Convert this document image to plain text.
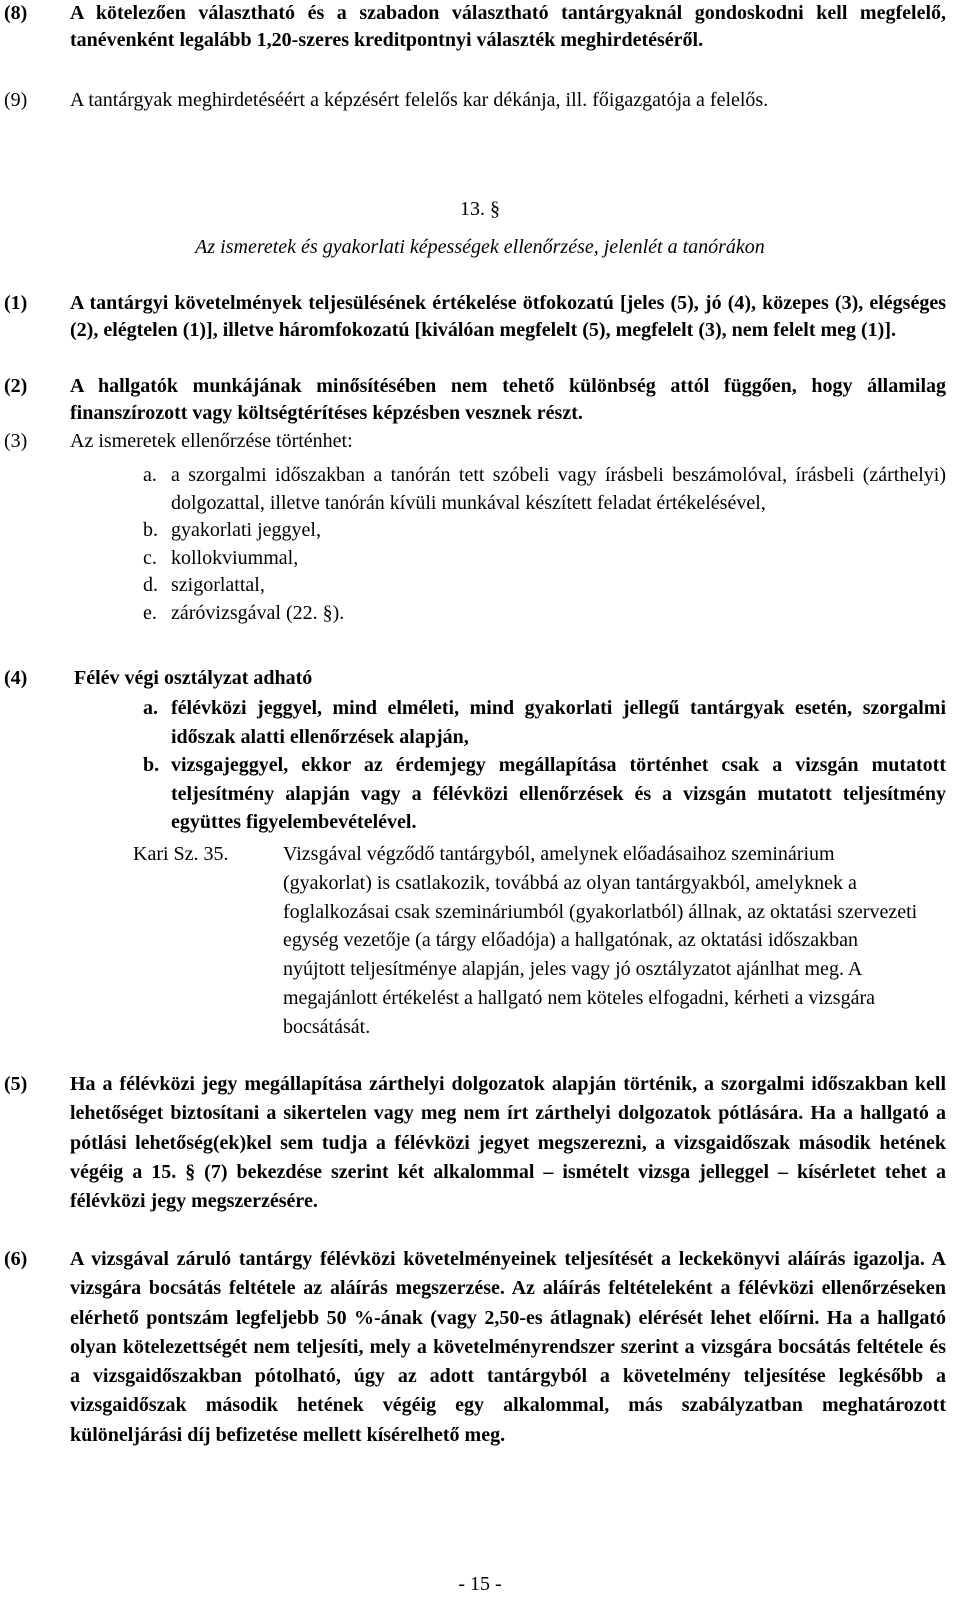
(8) A kötelezően választható és a szabadon választható tantárgyaknál gondoskodni kell megfelelő, tanévenként legalább 1,20-szeres kreditpontnyi választék meghirdetéséről.
(9) A tantárgyak meghirdetéséért a képzésért felelős kar dékánja, ill. főigazgatója a felelős.
13. §
Az ismeretek és gyakorlati képességek ellenőrzése, jelenlét a tanórákon
(1) A tantárgyi követelmények teljesülésének értékelése ötfokozatú [jeles (5), jó (4), közepes (3), elégséges (2), elégtelen (1)], illetve háromfokozatú [kiválóan megfelelt (5), megfelelt (3), nem felelt meg (1)].
(2) A hallgatók munkájának minősítésében nem tehető különbség attól függően, hogy államilag finanszírozott vagy költségtérítéses képzésben vesznek részt.
(3) Az ismeretek ellenőrzése történhet:
a. a szorgalmi időszakban a tanórán tett szóbeli vagy írásbeli beszámolóval, írásbeli (zárthelyi) dolgozattal, illetve tanórán kívüli munkával készített feladat értékelésével,
b. gyakorlati jeggyel,
c. kollokviummal,
d. szigorlattal,
e. záróvizsgával (22. §).
(4) Félév végi osztályzat adható
a. félévközi jeggyel, mind elméleti, mind gyakorlati jellegű tantárgyak esetén, szorgalmi időszak alatti ellenőrzések alapján,
b. vizsgajeggyel, ekkor az érdemjegy megállapítása történhet csak a vizsgán mutatott teljesítmény alapján vagy a félévközi ellenőrzések és a vizsgán mutatott teljesítmény együttes figyelembevételével.
Kari Sz. 35.	Vizsgával végződő tantárgyból, amelynek előadásaihoz szeminárium (gyakorlat) is csatlakozik, továbbá az olyan tantárgyakból, amelyknek a foglalkozásai csak szemináriumból (gyakorlatból) állnak, az oktatási szervezeti egység vezetője (a tárgy előadója) a hallgatónak, az oktatási időszakban nyújtott teljesítménye alapján, jeles vagy jó osztályzatot ajánlhat meg. A megajánlott értékelést a hallgató nem köteles elfogadni, kérheti a vizsgára bocsátását.
(5) Ha a félévközi jegy megállapítása zárthelyi dolgozatok alapján történik, a szorgalmi időszakban kell lehetőséget biztosítani a sikertelen vagy meg nem írt zárthelyi dolgozatok pótlására. Ha a hallgató a pótlási lehetőség(ek)kel sem tudja a félévközi jegyet megszerezni, a vizsgaidőszak második hetének végéig a 15. § (7) bekezdése szerint két alkalommal – ismételt vizsga jelleggel – kísérletet tehet a félévközi jegy megszerzésére.
(6) A vizsgával záruló tantárgy félévközi követelményeinek teljesítését a leckekönyvi aláírás igazolja. A vizsgára bocsátás feltétele az aláírás megszerzése. Az aláírás feltételeként a félévközi ellenőrzéseken elérhető pontszám legfeljebb 50 %-ának (vagy 2,50-es átlagnak) elérését lehet előírni. Ha a hallgató olyan kötelezettségét nem teljesíti, mely a követelményrendszer szerint a vizsgára bocsátás feltétele és a vizsgaidőszakban pótolható, úgy az adott tantárgyból a követelmény teljesítése legkésőbb a vizsgaidőszak második hetének végéig egy alkalommal, más szabályzatban meghatározott különeljárási díj befizetése mellett kísérelhető meg.
- 15 -
